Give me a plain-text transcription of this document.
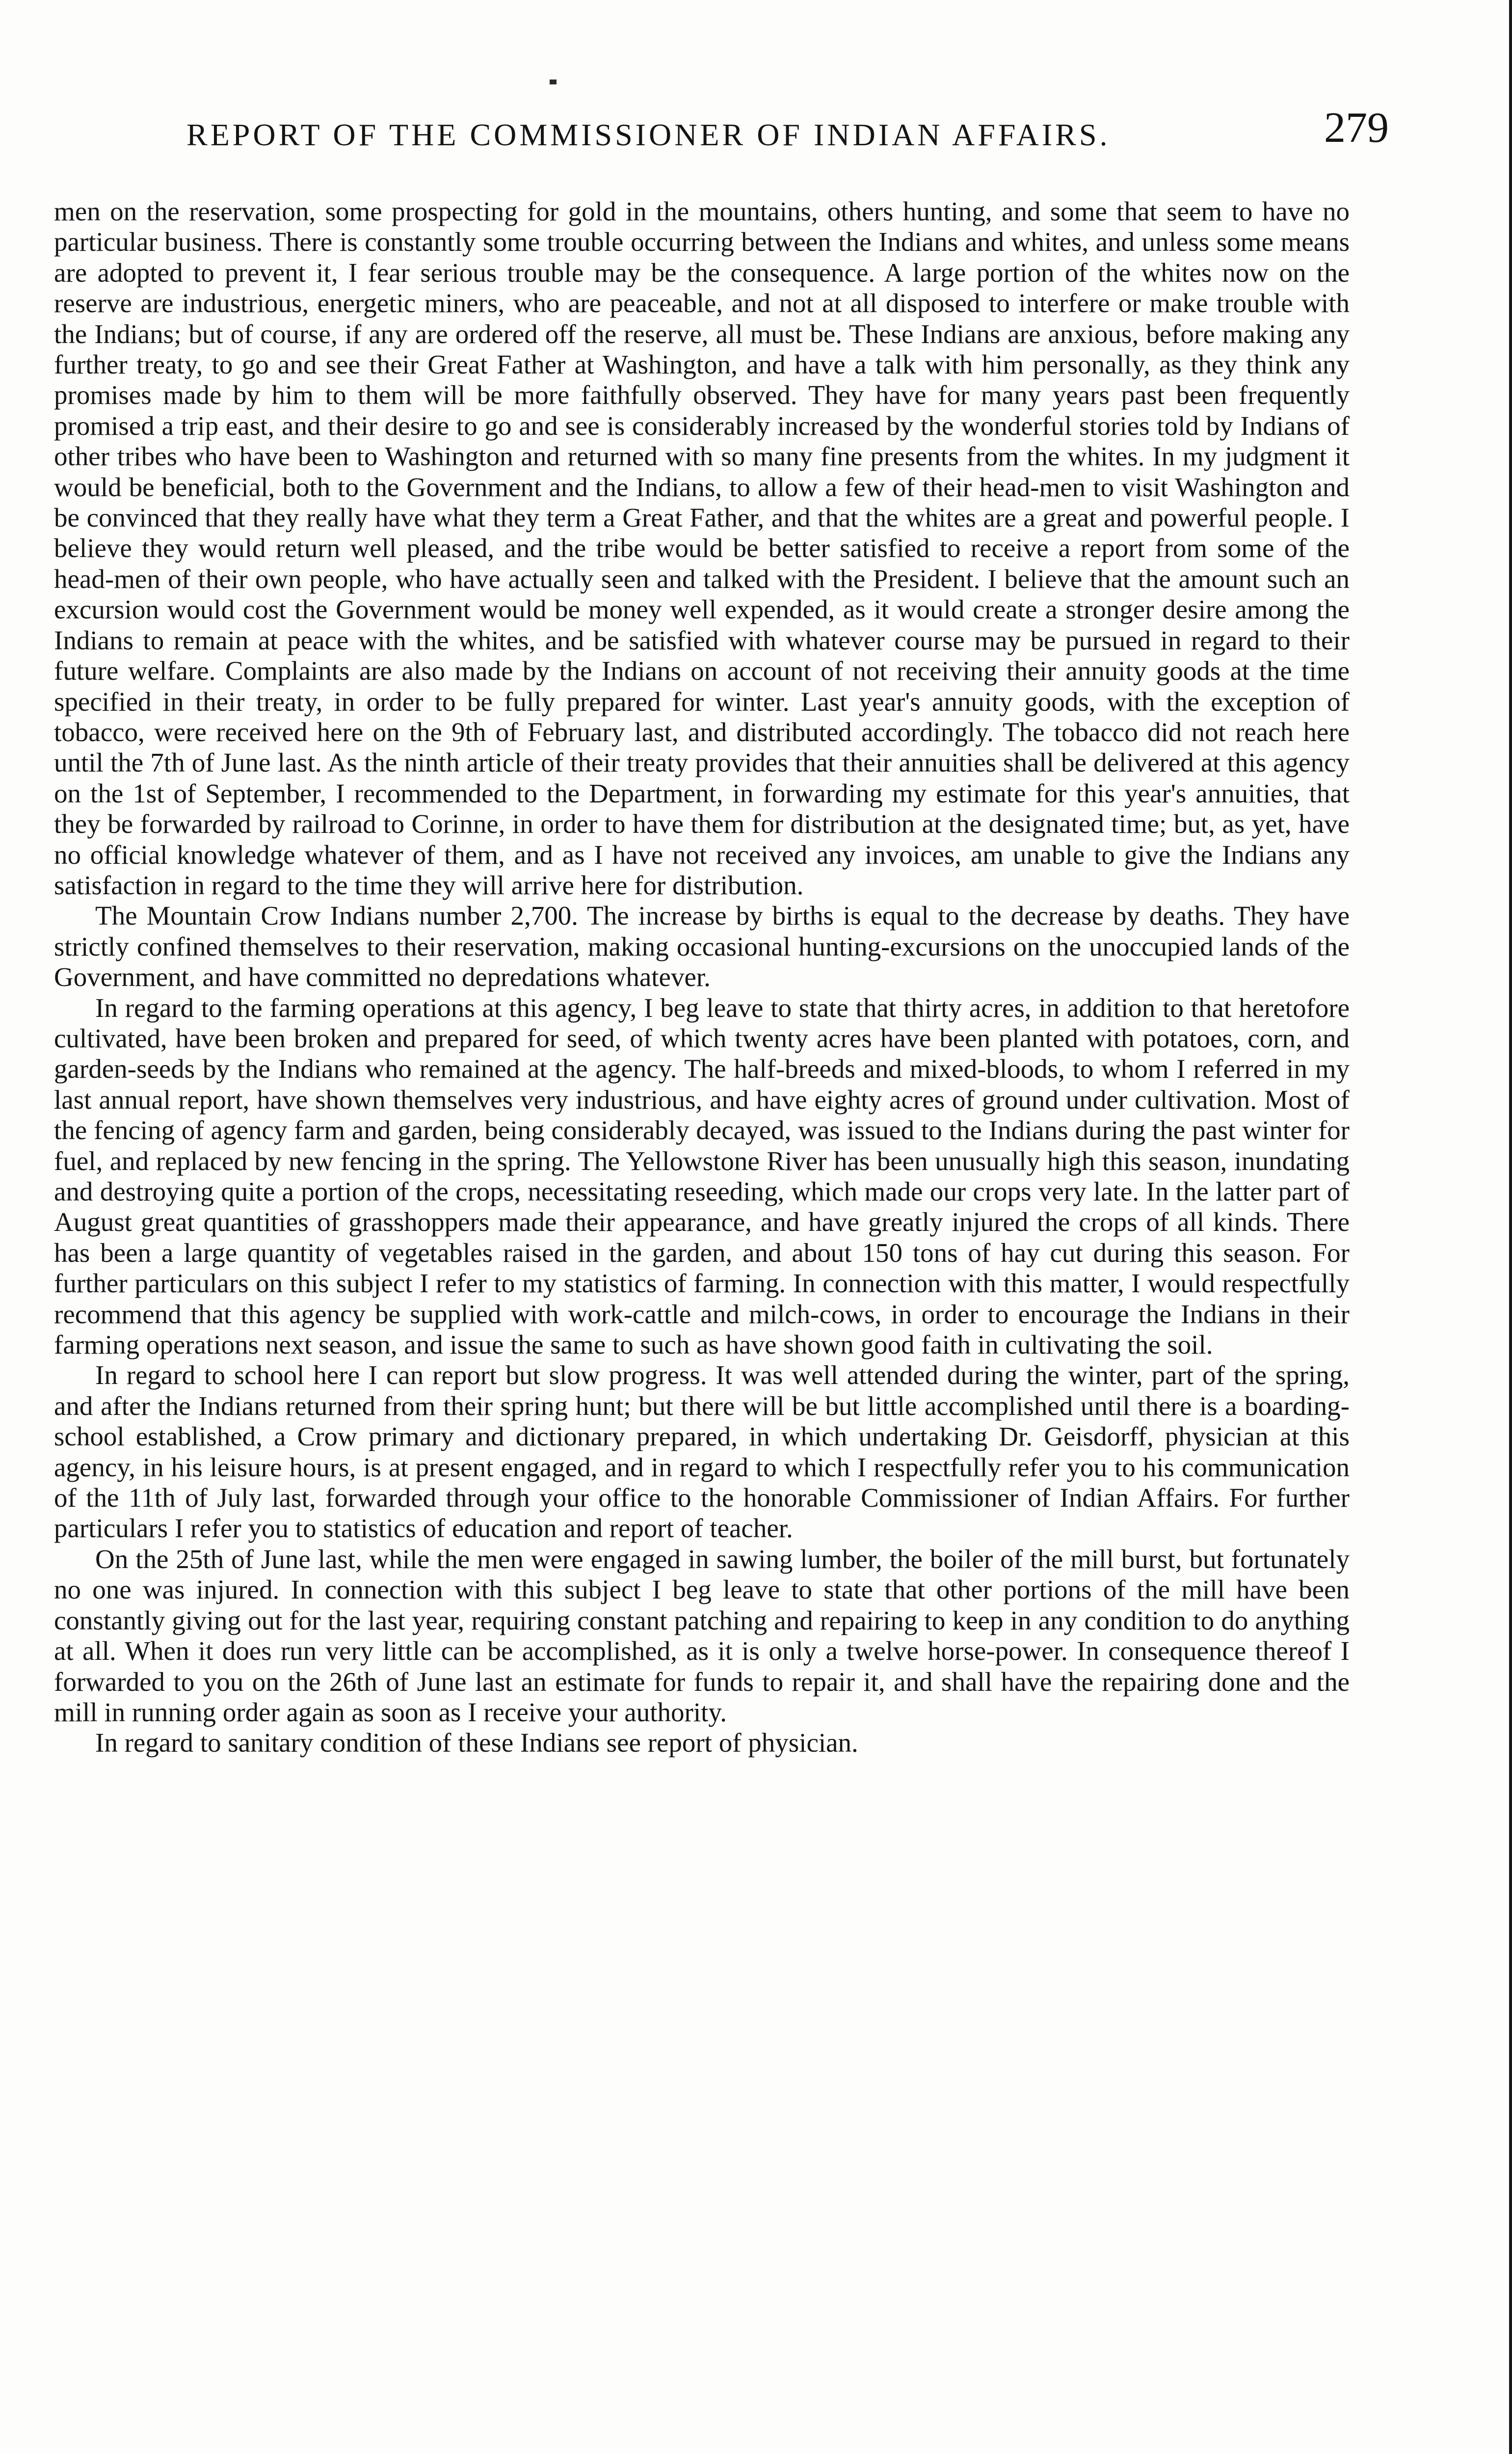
REPORT OF THE COMMISSIONER OF INDIAN AFFAIRS.	279

men on the reservation, some prospecting for gold in the mountains, others hunting, and some that seem to have no particular business. There is constantly some trouble occurring between the Indians and whites, and unless some means are adopted to prevent it, I fear serious trouble may be the consequence. A large portion of the whites now on the reserve are industrious, energetic miners, who are peaceable, and not at all disposed to interfere or make trouble with the Indians; but of course, if any are ordered off the reserve, all must be. These Indians are anxious, before making any further treaty, to go and see their Great Father at Washington, and have a talk with him personally, as they think any promises made by him to them will be more faithfully observed. They have for many years past been frequently promised a trip east, and their desire to go and see is considerably increased by the wonderful stories told by Indians of other tribes who have been to Washington and returned with so many fine presents from the whites. In my judgment it would be beneficial, both to the Government and the Indians, to allow a few of their head-men to visit Washington and be convinced that they really have what they term a Great Father, and that the whites are a great and powerful people. I believe they would return well pleased, and the tribe would be better satisfied to receive a report from some of the head-men of their own people, who have actually seen and talked with the President. I believe that the amount such an excursion would cost the Government would be money well expended, as it would create a stronger desire among the Indians to remain at peace with the whites, and be satisfied with whatever course may be pursued in regard to their future welfare. Complaints are also made by the Indians on account of not receiving their annuity goods at the time specified in their treaty, in order to be fully prepared for winter. Last year's annuity goods, with the exception of tobacco, were received here on the 9th of February last, and distributed accordingly. The tobacco did not reach here until the 7th of June last. As the ninth article of their treaty provides that their annuities shall be delivered at this agency on the 1st of September, I recommended to the Department, in forwarding my estimate for this year's annuities, that they be forwarded by railroad to Corinne, in order to have them for distribution at the designated time; but, as yet, have no official knowledge whatever of them, and as I have not received any invoices, am unable to give the Indians any satisfaction in regard to the time they will arrive here for distribution.

The Mountain Crow Indians number 2,700. The increase by births is equal to the decrease by deaths. They have strictly confined themselves to their reservation, making occasional hunting-excursions on the unoccupied lands of the Government, and have committed no depredations whatever.

In regard to the farming operations at this agency, I beg leave to state that thirty acres, in addition to that heretofore cultivated, have been broken and prepared for seed, of which twenty acres have been planted with potatoes, corn, and garden-seeds by the Indians who remained at the agency. The half-breeds and mixed-bloods, to whom I referred in my last annual report, have shown themselves very industrious, and have eighty acres of ground under cultivation. Most of the fencing of agency farm and garden, being considerably decayed, was issued to the Indians during the past winter for fuel, and replaced by new fencing in the spring. The Yellowstone River has been unusually high this season, inundating and destroying quite a portion of the crops, necessitating reseeding, which made our crops very late. In the latter part of August great quantities of grasshoppers made their appearance, and have greatly injured the crops of all kinds. There has been a large quantity of vegetables raised in the garden, and about 150 tons of hay cut during this season. For further particulars on this subject I refer to my statistics of farming. In connection with this matter, I would respectfully recommend that this agency be supplied with work-cattle and milch-cows, in order to encourage the Indians in their farming operations next season, and issue the same to such as have shown good faith in cultivating the soil.

In regard to school here I can report but slow progress. It was well attended during the winter, part of the spring, and after the Indians returned from their spring hunt; but there will be but little accomplished until there is a boarding-school established, a Crow primary and dictionary prepared, in which undertaking Dr. Geisdorff, physician at this agency, in his leisure hours, is at present engaged, and in regard to which I respectfully refer you to his communication of the 11th of July last, forwarded through your office to the honorable Commissioner of Indian Affairs. For further particulars I refer you to statistics of education and report of teacher.

On the 25th of June last, while the men were engaged in sawing lumber, the boiler of the mill burst, but fortunately no one was injured. In connection with this subject I beg leave to state that other portions of the mill have been constantly giving out for the last year, requiring constant patching and repairing to keep in any condition to do anything at all. When it does run very little can be accomplished, as it is only a twelve horse-power. In consequence thereof I forwarded to you on the 26th of June last an estimate for funds to repair it, and shall have the repairing done and the mill in running order again as soon as I receive your authority.

In regard to sanitary condition of these Indians see report of physician.
